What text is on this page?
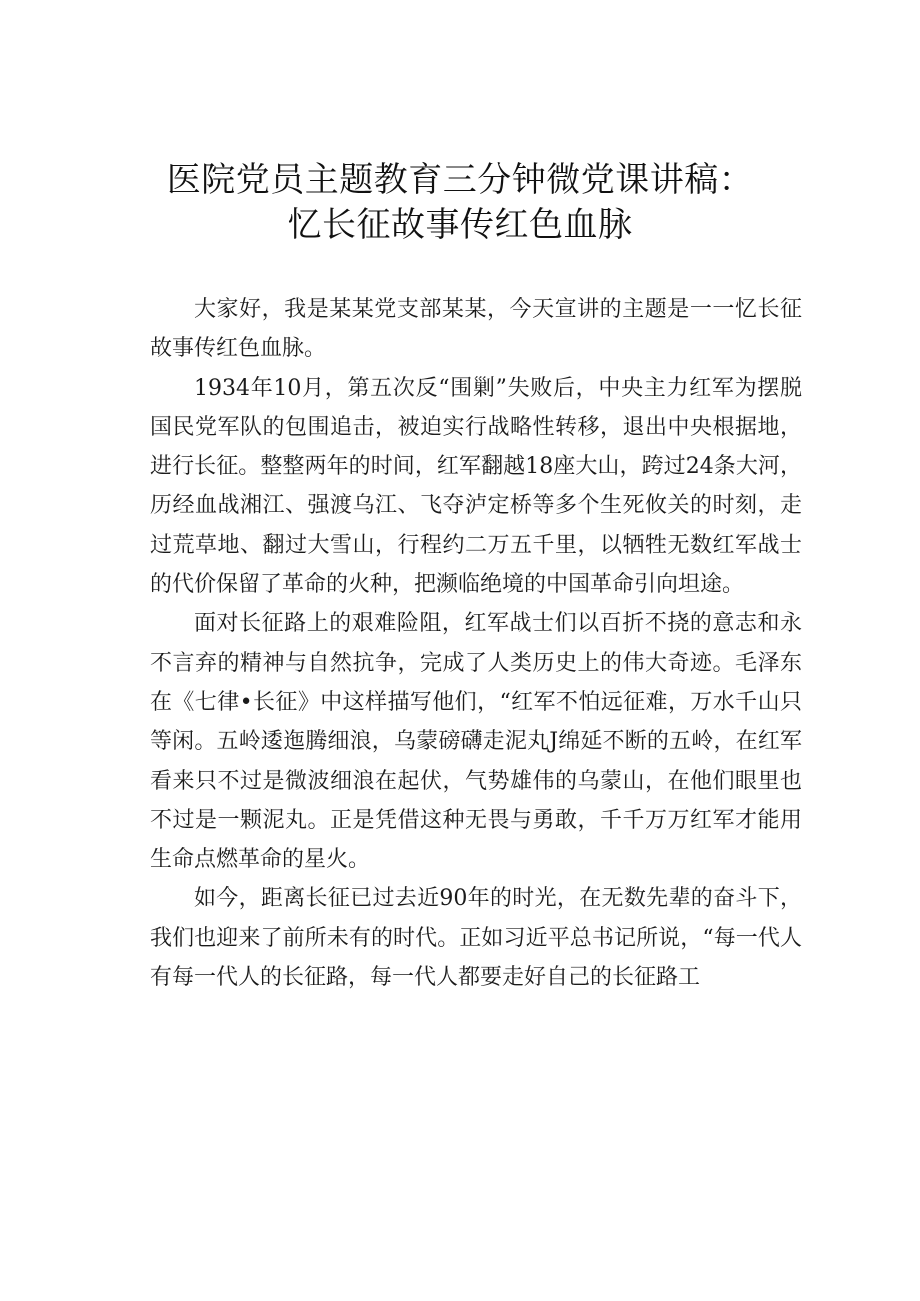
医院党员主题教育三分钟微党课讲稿：
忆长征故事传红色血脉

大家好，我是某某党支部某某，今天宣讲的主题是一一忆长征故事传红色血脉。

1934年10月，第五次反“围剿”失败后，中央主力红军为摆脱国民党军队的包围追击，被迫实行战略性转移，退出中央根据地，进行长征。整整两年的时间，红军翻越18座大山，跨过24条大河，历经血战湘江、强渡乌江、飞夺泸定桥等多个生死攸关的时刻，走过荒草地、翻过大雪山，行程约二万五千里，以牺牲无数红军战士的代价保留了革命的火种，把濒临绝境的中国革命引向坦途。

面对长征路上的艰难险阻，红军战士们以百折不挠的意志和永不言弃的精神与自然抗争，完成了人类历史上的伟大奇迹。毛泽东在《七律•长征》中这样描写他们，“红军不怕远征难，万水千山只等闲。五岭逶迤腾细浪，乌蒙磅礴走泥丸J绵延不断的五岭，在红军看来只不过是微波细浪在起伏，气势雄伟的乌蒙山，在他们眼里也不过是一颗泥丸。正是凭借这种无畏与勇敢，千千万万红军才能用生命点燃革命的星火。

如今，距离长征已过去近90年的时光，在无数先辈的奋斗下，我们也迎来了前所未有的时代。正如习近平总书记所说，“每一代人有每一代人的长征路，每一代人都要走好自己的长征路工
